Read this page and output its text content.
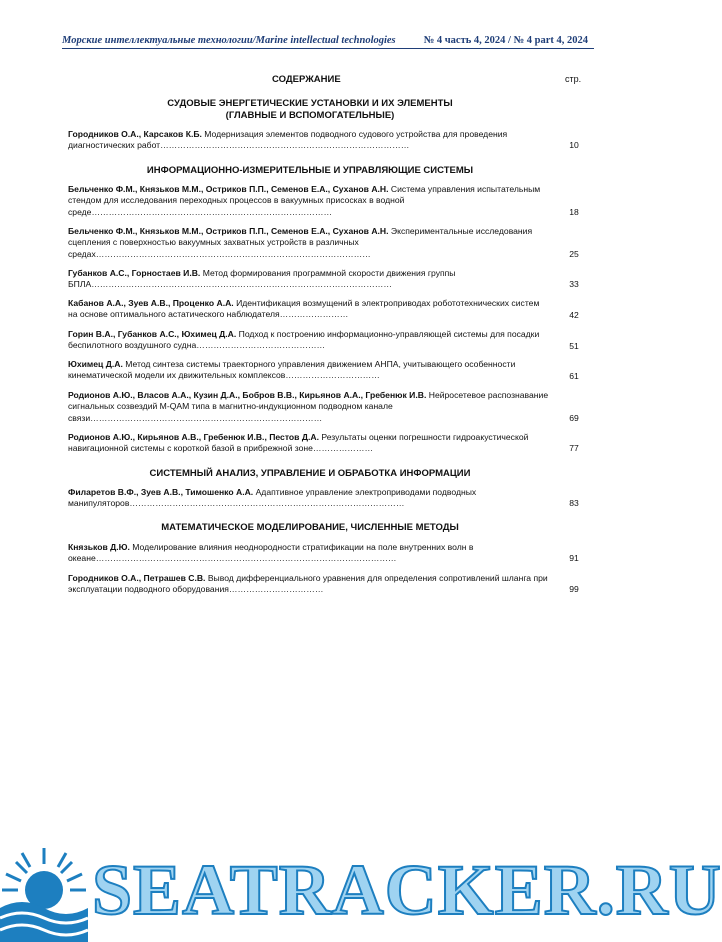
Морские интеллектуальные технологии/Marine intellectual technologies	№ 4 часть 4, 2024 / № 4 part 4, 2024
СОДЕРЖАНИЕ	стр.
СУДОВЫЕ ЭНЕРГЕТИЧЕСКИЕ УСТАНОВКИ И ИХ ЭЛЕМЕНТЫ
(ГЛАВНЫЕ И ВСПОМОГАТЕЛЬНЫЕ)
Городников О.А., Карсаков К.Б. Модернизация элементов подводного судового устройства для проведения диагностических работ……………………………………………………………………………	10
ИНФОРМАЦИОННО-ИЗМЕРИТЕЛЬНЫЕ И УПРАВЛЯЮЩИЕ СИСТЕМЫ
Бельченко Ф.М., Князьков М.М., Остриков П.П., Семенов Е.А., Суханов А.Н. Система управления испытательным стендом для исследования переходных процессов в вакуумных присосках в водной среде…………………………………………………………………………	18
Бельченко Ф.М., Князьков М.М., Остриков П.П., Семенов Е.А., Суханов А.Н. Экспериментальные исследования сцепления с поверхностью вакуумных захватных устройств в различных средах……………………………………………………………………………………	25
Губанков А.С., Горностаев И.В. Метод формирования программной скорости движения группы БПЛА……………………………………………………………………………………………	33
Кабанов А.А., Зуев А.В., Проценко А.А. Идентификация возмущений в электроприводах робототехнических систем на основе оптимального астатического наблюдателя……………………	42
Горин В.А., Губанков А.С., Юхимец Д.А. Подход к построению информационно-управляющей системы для посадки беспилотного воздушного судна………………………………………	51
Юхимец Д.А. Метод синтеза системы траекторного управления движением АНПА, учитывающего особенности кинематической модели их движительных комплексов……………………………	61
Родионов А.Ю., Власов А.А., Кузин Д.А., Бобров В.В., Кирьянов А.А., Гребенюк И.В. Нейросетевое распознавание сигнальных созвездий M-QAM типа в магнитно-индукционном подводном канале связи………………………………………………………………………	69
Родионов А.Ю., Кирьянов А.В., Гребенюк И.В., Пестов Д.А. Результаты оценки погрешности гидроакустической навигационной системы с короткой базой в прибрежной зоне…………………	77
СИСТЕМНЫЙ АНАЛИЗ, УПРАВЛЕНИЕ И ОБРАБОТКА ИНФОРМАЦИИ
Филаретов В.Ф., Зуев А.В., Тимошенко А.А. Адаптивное управление электроприводами подводных манипуляторов……………………………………………………………………………………	83
МАТЕМАТИЧЕСКОЕ МОДЕЛИРОВАНИЕ, ЧИСЛЕННЫЕ МЕТОДЫ
Князьков Д.Ю. Моделирование влияния неоднородности стратификации на поле внутренних волн в океане……………………………………………………………………………………………	91
Городников О.А., Петрашев С.В. Вывод дифференциального уравнения для определения сопротивлений шланга при эксплуатации подводного оборудования……………………………	99
SEATRACKER.RU
